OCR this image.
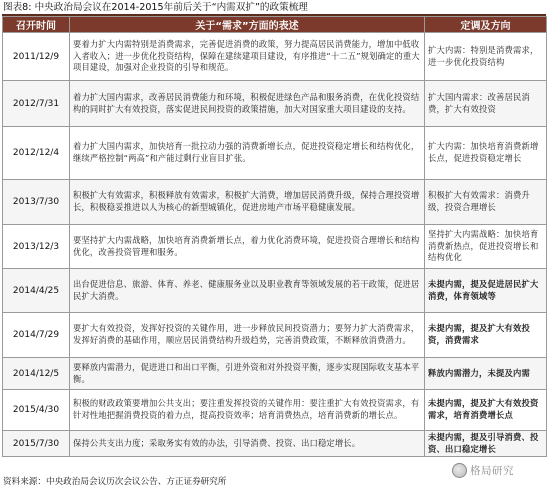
图表8: 中央政治局会议在2014-2015年前后关于“内需双扩”的政策梳理
召开时间	关于“需求”方面的表述	定调及方向
2011/12/9	要着力扩大内需特别是消费需求，完善促进消费的政策，努力提高居民消费能力，增加中低收入者收入；进一步优化投资结构，保障在建续建项目建设，有序推进“十二五”规划确定的重大项目建设，加强对企业投资的引导和规范。	扩大内需：特别是消费需求，进一步优化投资结构
2012/7/31	着力扩大国内需求，改善居民消费能力和环境，积极促进绿色产品和服务消费，在优化投资结构的同时扩大有效投资，落实促进民间投资的政策措施，加大对国家重大项目建设的支持。	扩大国内需求：改善居民消费，扩大有效投资
2012/12/4	着力扩大国内需求，加快培育一批拉动力强的消费新增长点，促进投资稳定增长和结构优化，继续严格控制“两高”和产能过剩行业盲目扩张。	扩大内需：加快培育消费新增长点，促进投资稳定增长
2013/7/30	积极扩大有效需求，积极释放有效需求，积极扩大消费，增加居民消费升级，保持合理投资增长，积极稳妥推进以人为核心的新型城镇化，促进房地产市场平稳健康发展。	积极扩大有效需求：消费升级，投资合理增长
2013/12/3	要坚持扩大内需战略，加快培育消费新增长点，着力优化消费环境，促进投资合理增长和结构优化，改善投资管理和服务。	坚持扩大内需战略：加快培育消费新热点，促进投资增长和结构优化
2014/4/25	出台促进信息、旅游、体育、养老、健康服务业以及职业教育等领域发展的若干政策，促进居民扩大消费。	未提内需，提及促进居民扩大消费，体育领域等
2014/7/29	要扩大有效投资，发挥好投资的关键作用，进一步释放民间投资潜力；要努力扩大消费需求，发挥好消费的基础作用，顺应居民消费结构升级趋势，完善消费政策，不断释放消费潜力。	未提内需，提及扩大有效投资，消费需求
2014/12/5	要释放内需潜力，促进进口和出口平衡，引进外资和对外投资平衡，逐步实现国际收支基本平衡。	释放内需潜力，未提及内需
2015/4/30	积极的财政政策要增加公共支出；要注重发挥投资的关键作用：要注重扩大有效投资需求，有针对性地把握消费投资的着力点，提高投资效率；培育消费热点，培育消费新的增长点。	未提内需，提及扩大有效投资需求，培育消费增长点
2015/7/30	保持公共支出力度；采取务实有效的办法，引导消费、投资、出口稳定增长。	未提内需，提及引导消费、投资、出口稳定增长
资料来源：中央政治局会议历次会议公告、方正证券研究所
格局研究
